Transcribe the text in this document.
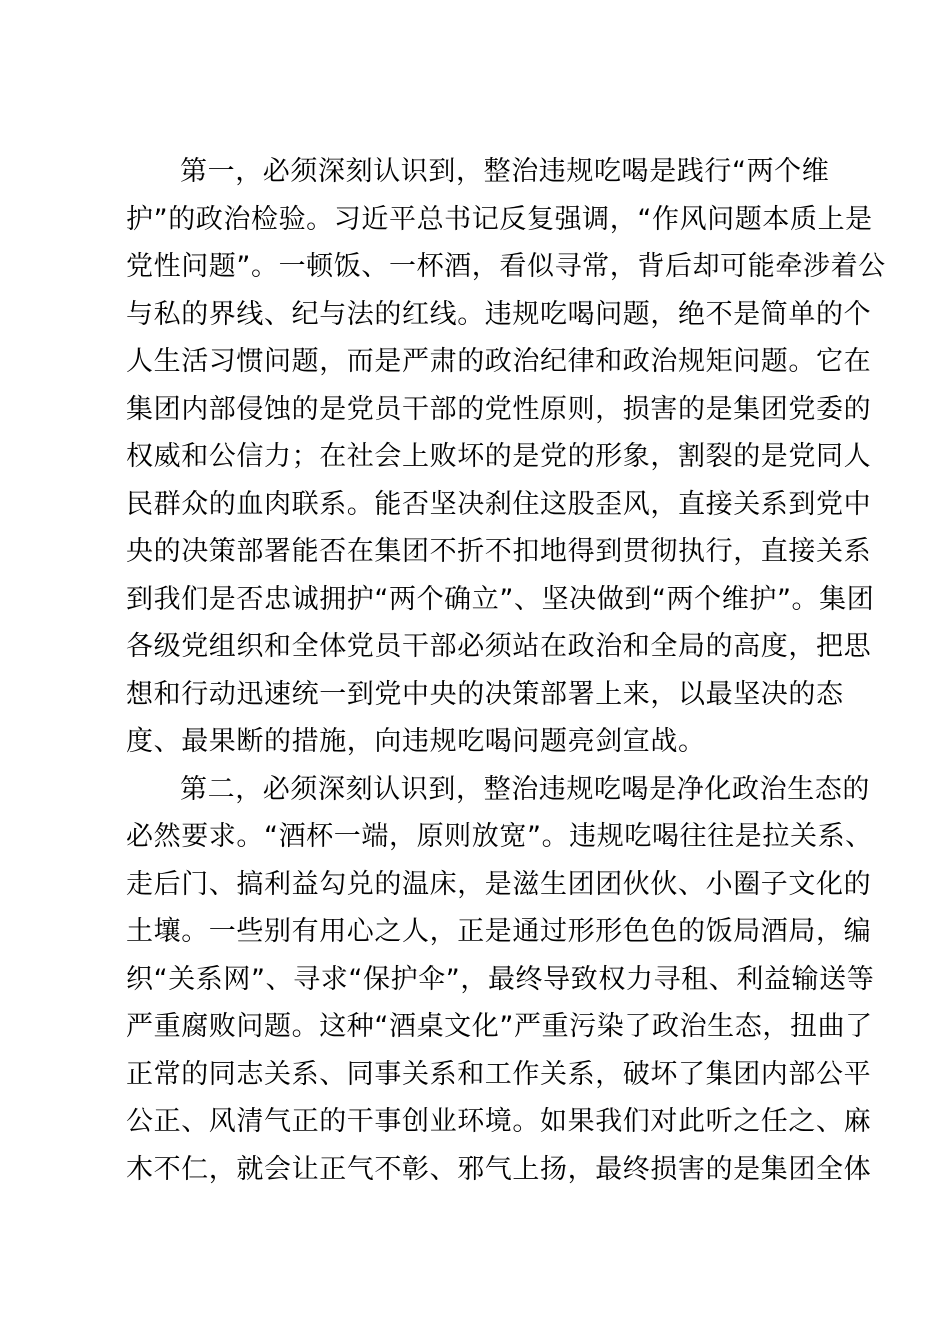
第一，必须深刻认识到，整治违规吃喝是践行“两个维
护”的政治检验。习近平总书记反复强调，“作风问题本质上是
党性问题”。一顿饭、一杯酒，看似寻常，背后却可能牵涉着公
与私的界线、纪与法的红线。违规吃喝问题，绝不是简单的个
人生活习惯问题，而是严肃的政治纪律和政治规矩问题。它在
集团内部侵蚀的是党员干部的党性原则，损害的是集团党委的
权威和公信力；在社会上败坏的是党的形象，割裂的是党同人
民群众的血肉联系。能否坚决刹住这股歪风，直接关系到党中
央的决策部署能否在集团不折不扣地得到贯彻执行，直接关系
到我们是否忠诚拥护“两个确立”、坚决做到“两个维护”。集团
各级党组织和全体党员干部必须站在政治和全局的高度，把思
想和行动迅速统一到党中央的决策部署上来，以最坚决的态
度、最果断的措施，向违规吃喝问题亮剑宣战。
第二，必须深刻认识到，整治违规吃喝是净化政治生态的
必然要求。“酒杯一端，原则放宽”。违规吃喝往往是拉关系、
走后门、搞利益勾兑的温床，是滋生团团伙伙、小圈子文化的
土壤。一些别有用心之人，正是通过形形色色的饭局酒局，编
织“关系网”、寻求“保护伞”，最终导致权力寻租、利益输送等
严重腐败问题。这种“酒桌文化”严重污染了政治生态，扭曲了
正常的同志关系、同事关系和工作关系，破坏了集团内部公平
公正、风清气正的干事创业环境。如果我们对此听之任之、麻
木不仁，就会让正气不彰、邪气上扬，最终损害的是集团全体
